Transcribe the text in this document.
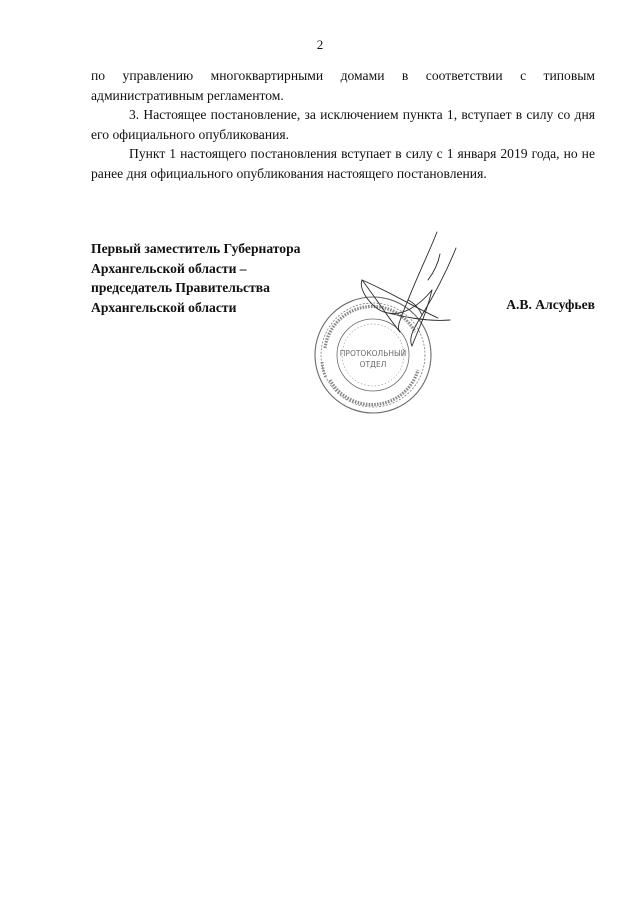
2

по управлению многоквартирными домами в соответствии с типовым административным регламентом.

3. Настоящее постановление, за исключением пункта 1, вступает в силу со дня его официального опубликования.

Пункт 1 настоящего постановления вступает в силу с 1 января 2019 года, но не ранее дня официального опубликования настоящего постановления.

Первый заместитель Губернатора
Архангельской области –
председатель Правительства
Архангельской области	А.В. Алсуфьев
ПРОТОКОЛЬНЫЙ
ОТДЕЛ
